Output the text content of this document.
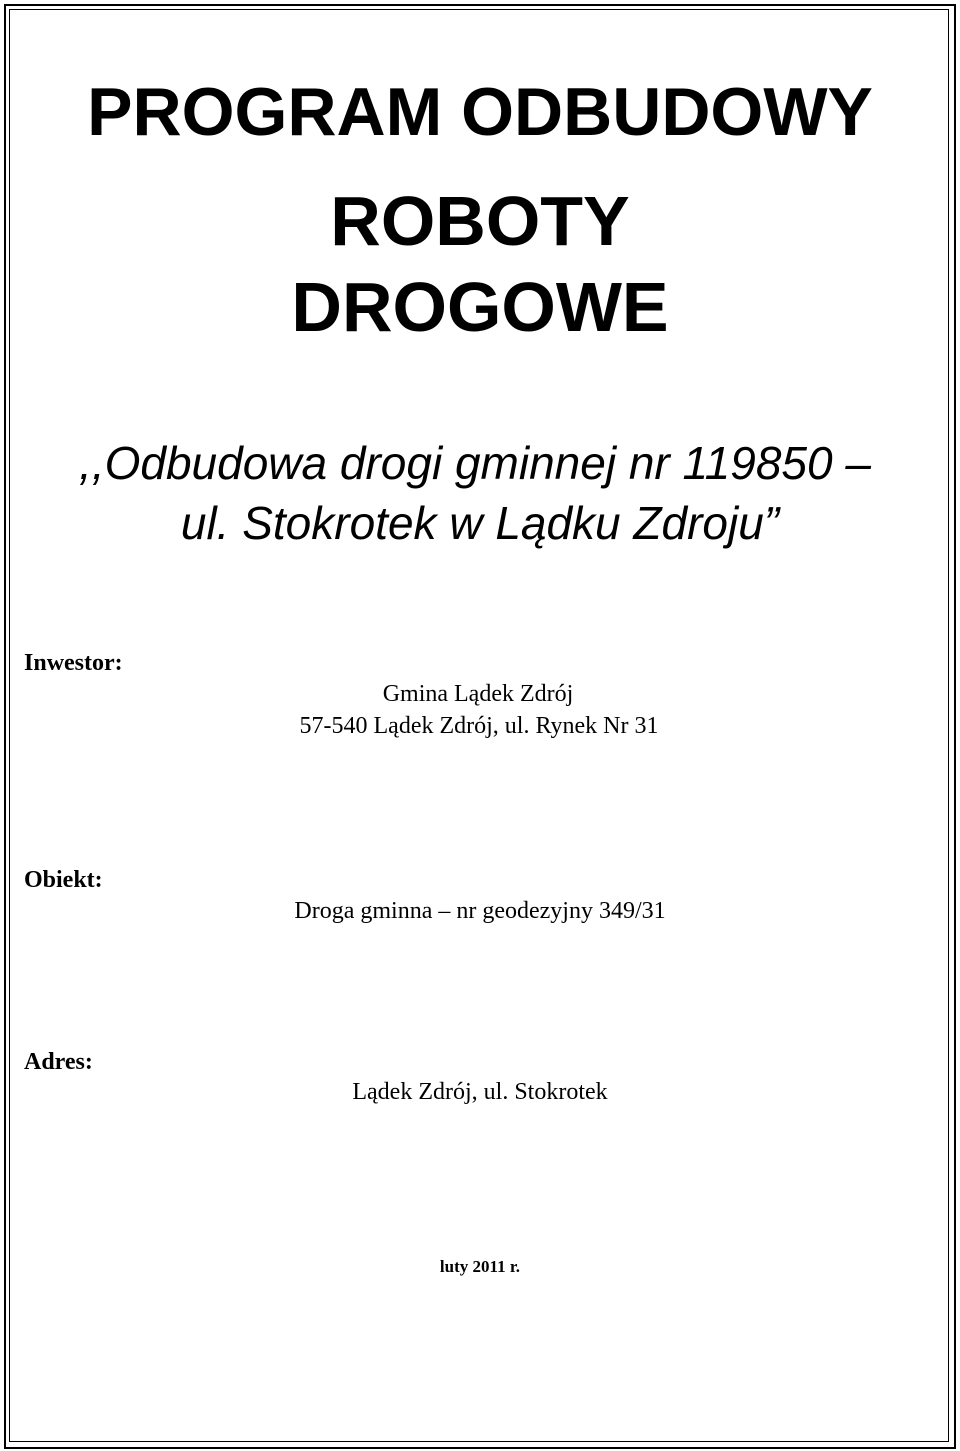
PROGRAM ODBUDOWY
ROBOTY
DROGOWE
,,Odbudowa drogi gminnej nr 119850 –
ul. Stokrotek w Lądku Zdroju”
Inwestor:
Gmina Lądek Zdrój
57-540 Lądek Zdrój, ul. Rynek Nr 31
Obiekt:
Droga gminna – nr geodezyjny 349/31
Adres:
Lądek Zdrój, ul. Stokrotek
luty 2011 r.
